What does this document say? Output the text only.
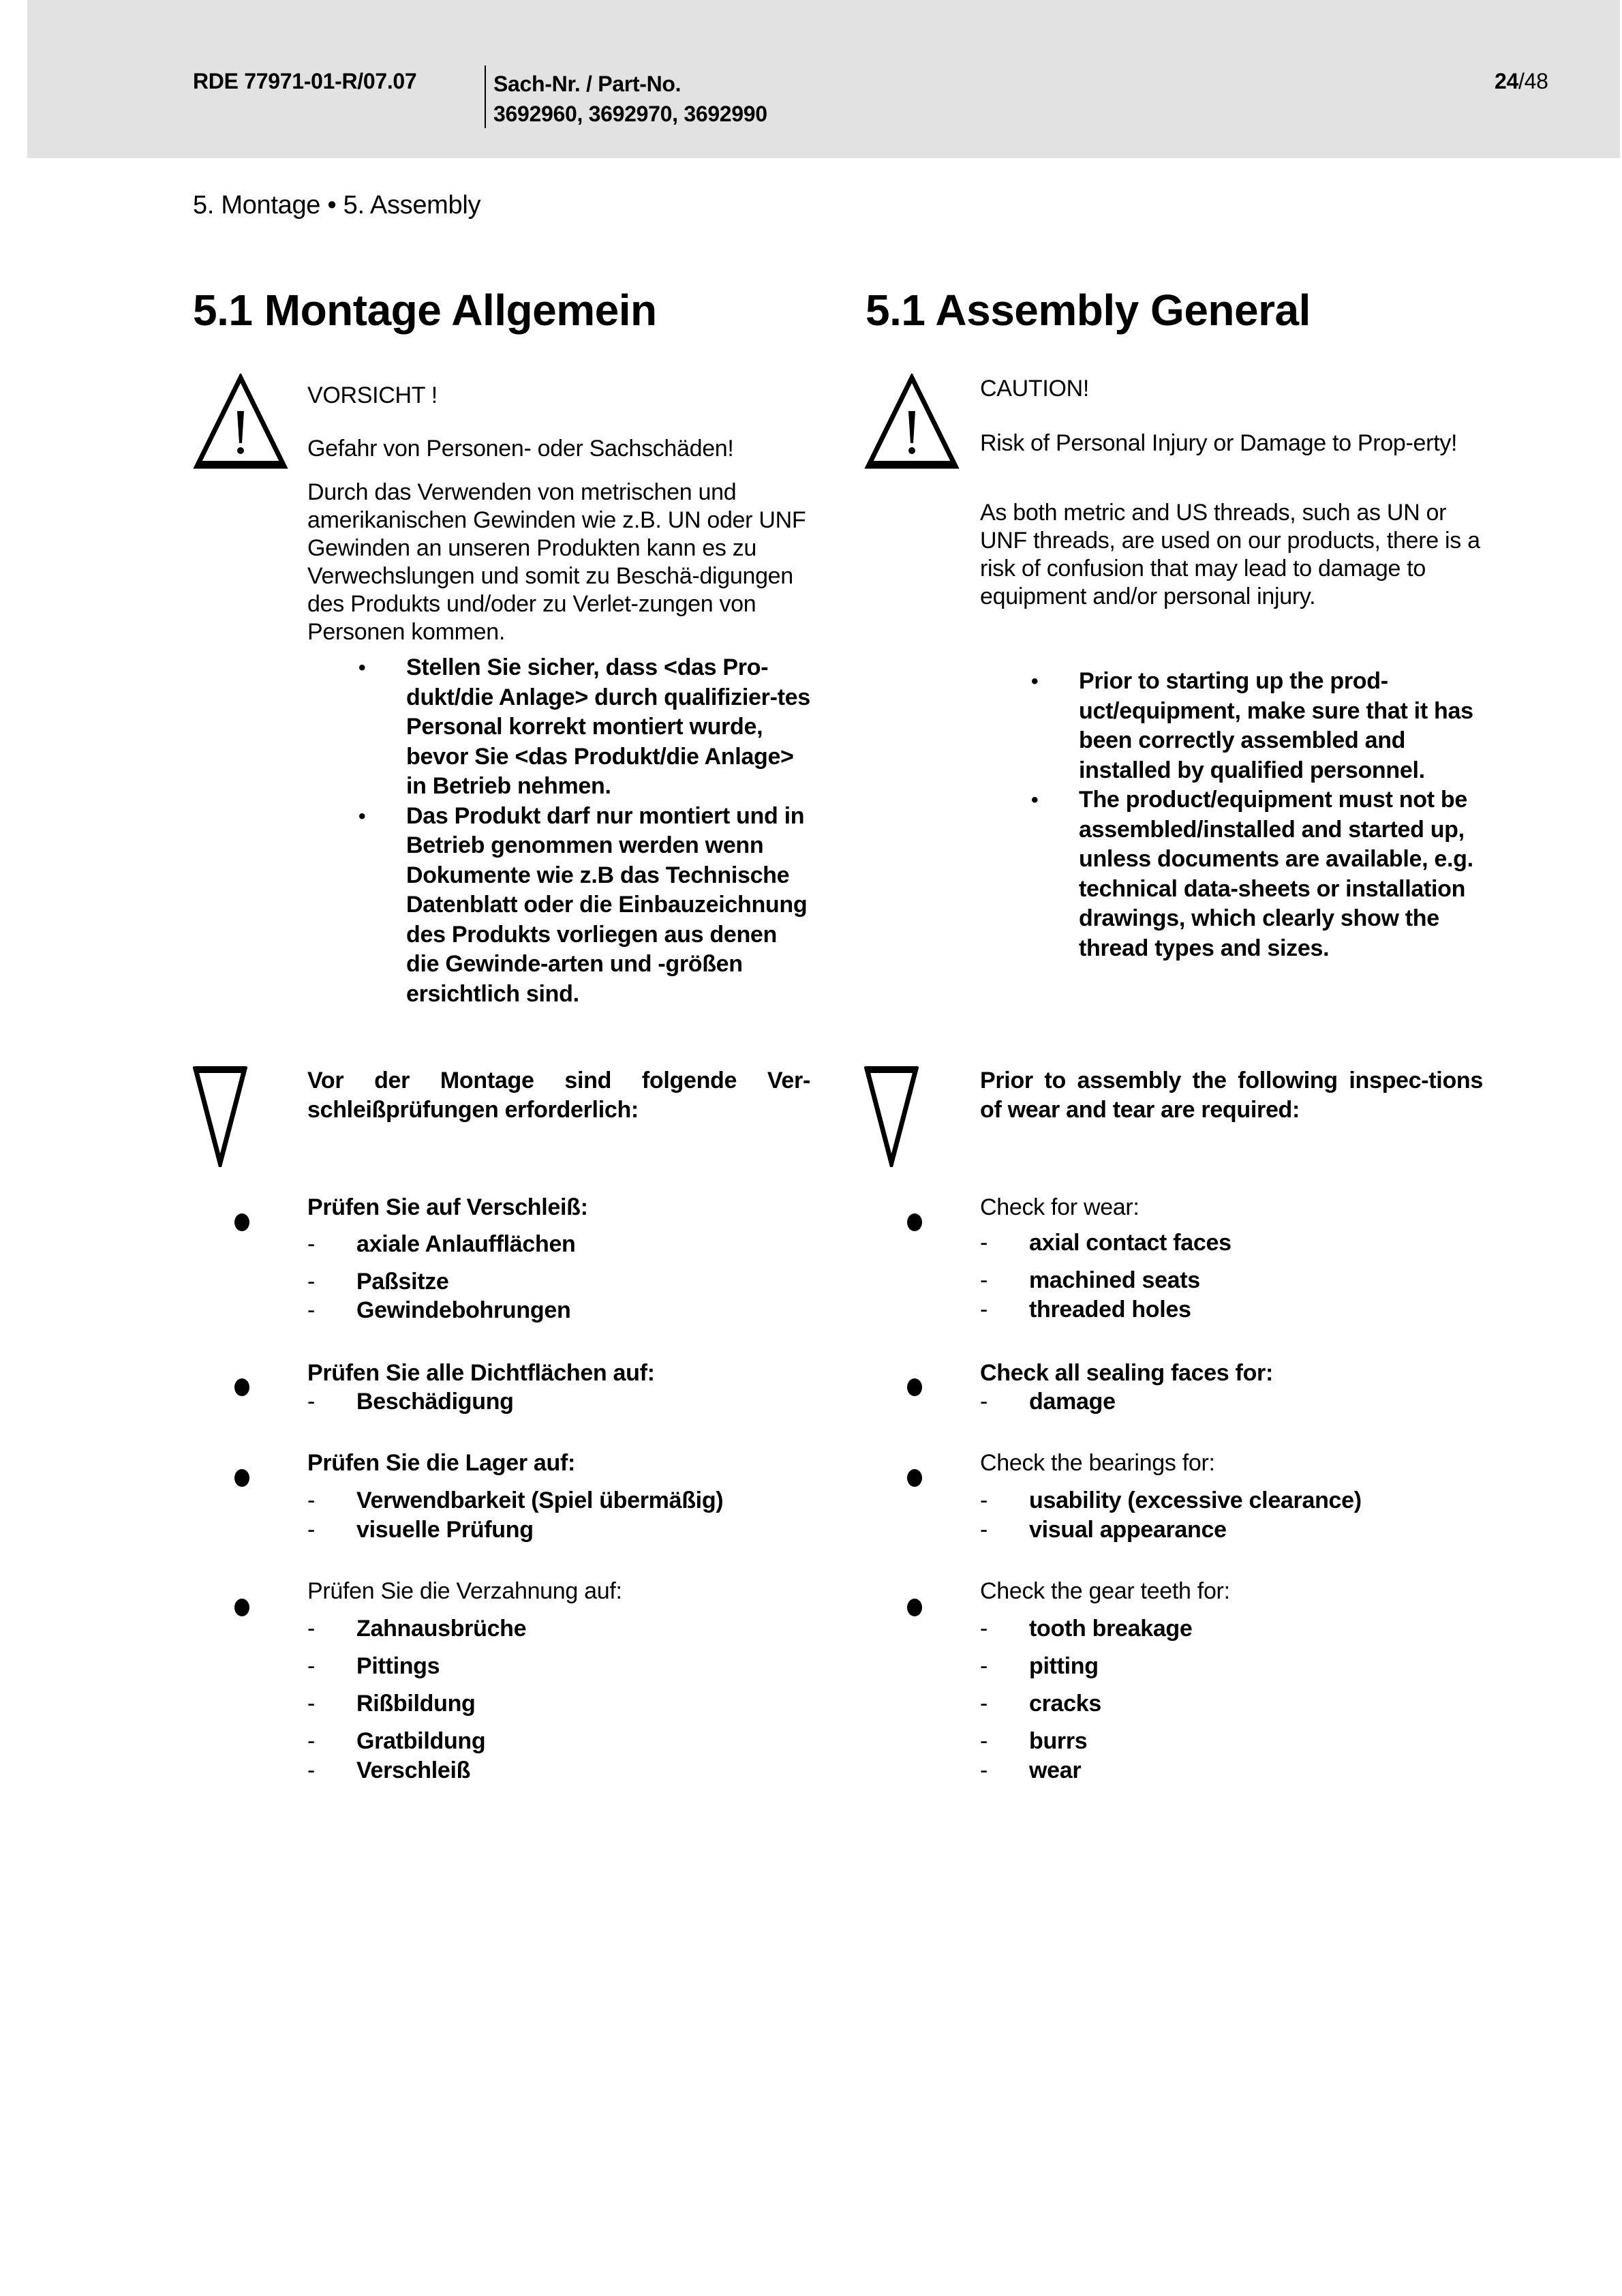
RDE 77971-01-R/07.07	Sach-Nr. / Part-No.
3692960, 3692970, 3692990
24/48
5. Montage • 5. Assembly
5.1 Montage Allgemein	5.1 Assembly General
VORSICHT !
Gefahr von Personen- oder Sachschäden!
Durch das Verwenden von metrischen und amerikanischen Gewinden wie z.B. UN oder UNF Gewinden an unseren Produkten kann es zu Verwechslungen und somit zu Beschä-digungen des Produkts und/oder zu Verlet-zungen von Personen kommen.
• Stellen Sie sicher, dass <das Pro-dukt/die Anlage> durch qualifizier-tes Personal korrekt montiert wurde, bevor Sie <das Produkt/die Anlage> in Betrieb nehmen.
• Das Produkt darf nur montiert und in Betrieb genommen werden wenn Dokumente wie z.B das Technische Datenblatt oder die Einbauzeichnung des Produkts vorliegen aus denen die Gewinde-arten und -größen ersichtlich sind.
CAUTION!
Risk of Personal Injury or Damage to Prop-erty!
As both metric and US threads, such as UN or UNF threads, are used on our products, there is a risk of confusion that may lead to damage to equipment and/or personal injury.
• Prior to starting up the prod-uct/equipment, make sure that it has been correctly assembled and installed by qualified personnel.
• The product/equipment must not be assembled/installed and started up, unless documents are available, e.g. technical data-sheets or installation drawings, which clearly show the thread types and sizes.
Vor der Montage sind folgende Ver-schleißprüfungen erforderlich:
Prior to assembly the following inspec-tions of wear and tear are required:
Prüfen Sie auf Verschleiß:
- axiale Anlaufflächen
- Paßsitze
- Gewindebohrungen
Prüfen Sie alle Dichtflächen auf:
- Beschädigung
Prüfen Sie die Lager auf:
- Verwendbarkeit (Spiel übermäßig)
- visuelle Prüfung
Prüfen Sie die Verzahnung auf:
- Zahnausbrüche
- Pittings
- Rißbildung
- Gratbildung
- Verschleiß
Check for wear:
- axial contact faces
- machined seats
- threaded holes
Check all sealing faces for:
- damage
Check the bearings for:
- usability (excessive clearance)
- visual appearance
Check the gear teeth for:
- tooth breakage
- pitting
- cracks
- burrs
- wear
